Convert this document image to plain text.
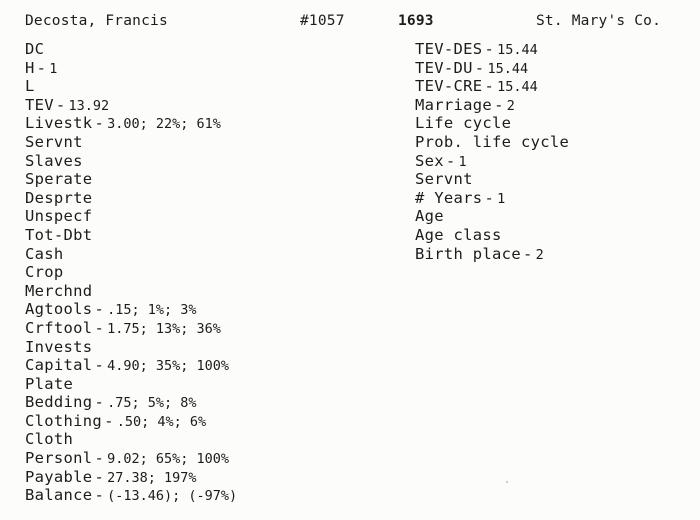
Decosta, Francis	#1057	1693	St. Mary's Co.
DC
H - 1
L
TEV - 13.92
Livestk - 3.00; 22%; 61%
Servnt
Slaves
Sperate
Desprte
Unspecf
Tot-Dbt
Cash
Crop
Merchnd
Agtools - .15; 1%; 3%
Crftool - 1.75; 13%; 36%
Invests
Capital - 4.90; 35%; 100%
Plate
Bedding - .75; 5%; 8%
Clothing - .50; 4%; 6%
Cloth
Personl - 9.02; 65%; 100%
Payable - 27.38; 197%
Balance - (-13.46); (-97%)
TEV-DES - 15.44
TEV-DU - 15.44
TEV-CRE - 15.44
Marriage - 2
Life cycle
Prob. life cycle
Sex - 1
Servnt
# Years - 1
Age
Age class
Birth place - 2
